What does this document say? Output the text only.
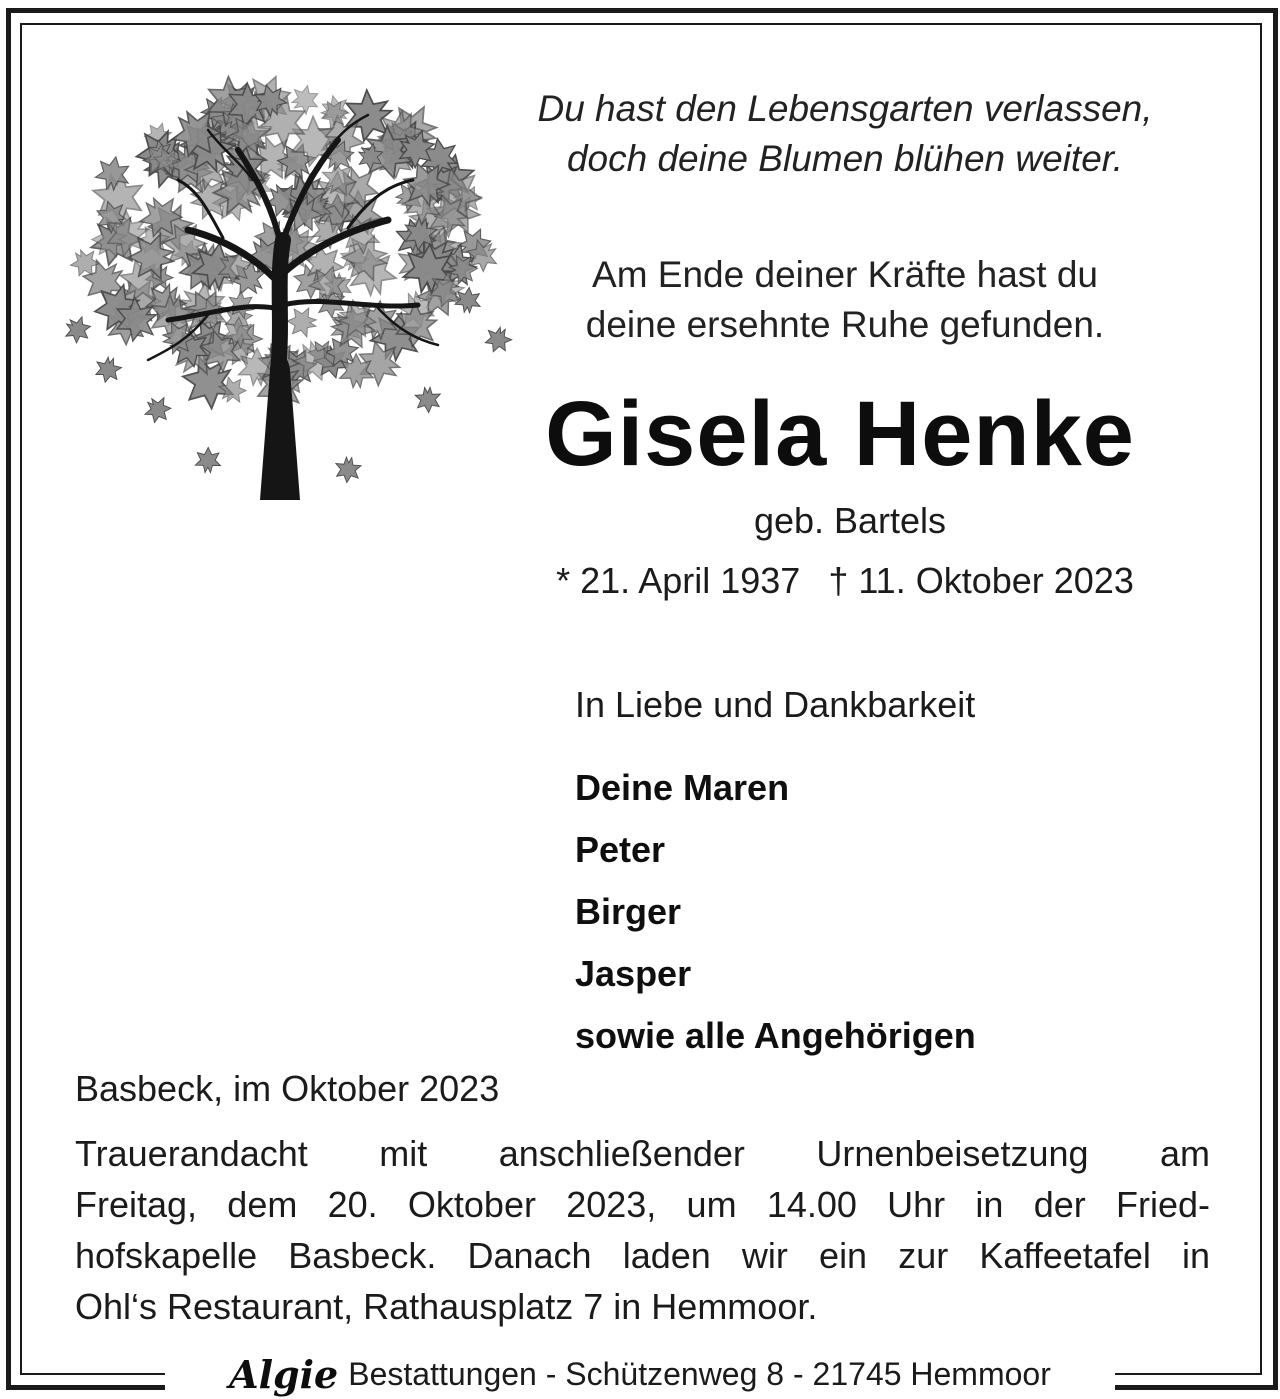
Du hast den Lebensgarten verlassen,
doch deine Blumen blühen weiter.
Am Ende deiner Kräfte hast du
deine ersehnte Ruhe gefunden.
Gisela Henke
geb. Bartels
* 21. April 1937 † 11. Oktober 2023
In Liebe und Dankbarkeit
Deine Maren
Peter
Birger
Jasper
sowie alle Angehörigen
Basbeck, im Oktober 2023
Trauerandacht mit anschließender Urnenbeisetzung am
Freitag, dem 20. Oktober 2023, um 14.00 Uhr in der Fried-
hofskapelle Basbeck. Danach laden wir ein zur Kaffeetafel in
Ohl‘s Restaurant, Rathausplatz 7 in Hemmoor.
Algie Bestattungen - Schützenweg 8 - 21745 Hemmoor
